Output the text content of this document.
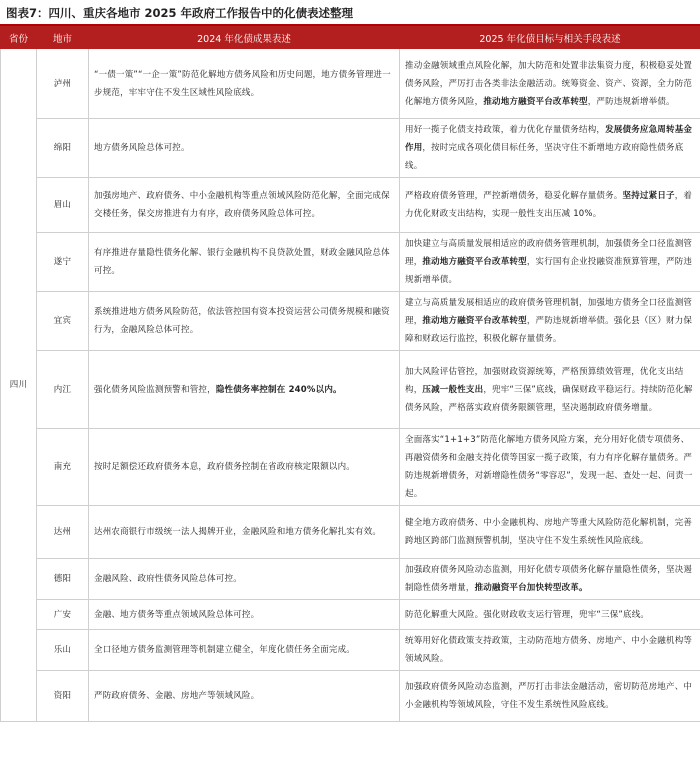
图表7：四川、重庆各地市 2025 年政府工作报告中的化债表述整理
省份	地市	2024 年化债成果表述	2025 年化债目标与相关手段表述
四川	泸州	“一债一策”“一企一策”防范化解地方债务风险和历史问题，地方债务管理进一步规范，牢牢守住不发生区域性风险底线。	推动金融领域重点风险化解，加大防范和处置非法集资力度，积极稳妥处置债务风险，严厉打击各类非法金融活动。统筹资金、资产、资源，全力防范化解地方债务风险，推动地方融资平台改革转型，严防违规新增举债。
	绵阳	地方债务风险总体可控。	用好一揽子化债支持政策，着力优化存量债务结构，发展债务应急周转基金作用，按时完成各项化债目标任务，坚决守住不新增地方政府隐性债务底线。
	眉山	加强房地产、政府债务、中小金融机构等重点领域风险防范化解，全面完成保交楼任务，保交房推进有力有序，政府债务风险总体可控。	严格政府债务管理，严控新增债务，稳妥化解存量债务。坚持过紧日子，着力优化财政支出结构，实现一般性支出压减 10%。
	遂宁	有序推进存量隐性债务化解、银行金融机构不良贷款处置，财政金融风险总体可控。	加快建立与高质量发展相适应的政府债务管理机制，加强债务全口径监测管理，推动地方融资平台改革转型，实行国有企业投融资准预算管理，严防违规新增举债。
	宜宾	系统推进地方债务风险防范，依法管控国有资本投资运营公司债务规模和融资行为，金融风险总体可控。	建立与高质量发展相适应的政府债务管理机制，加强地方债务全口径监测管理，推动地方融资平台改革转型，严防违规新增举债。强化县（区）财力保障和财政运行监控，积极化解存量债务。
	内江	强化债务风险监测预警和管控，隐性债务率控制在 240%以内。	加大风险评估管控，加强财政资源统筹，严格预算绩效管理，优化支出结构，压减一般性支出，兜牢“三保”底线，确保财政平稳运行。持续防范化解债务风险，严格落实政府债务限额管理，坚决遏制政府债务增量。
	南充	按时足额偿还政府债务本息，政府债务控制在省政府核定限额以内。	全面落实“1+1+3”防范化解地方债务风险方案，充分用好化债专项债务、再融资债务和金融支持化债等国家一揽子政策，有力有序化解存量债务。严防违规新增债务，对新增隐性债务“零容忍”，发现一起、查处一起、问责一起。
	达州	达州农商银行市级统一法人揭牌开业，金融风险和地方债务化解扎实有效。	健全地方政府债务、中小金融机构、房地产等重大风险防范化解机制，完善跨地区跨部门监测预警机制，坚决守住不发生系统性风险底线。
	德阳	金融风险、政府性债务风险总体可控。	加强政府债务风险动态监测，用好化债专项债务化解存量隐性债务，坚决遏制隐性债务增量，推动融资平台加快转型改革。
	广安	金融、地方债务等重点领域风险总体可控。	防范化解重大风险。强化财政收支运行管理，兜牢“三保”底线。
	乐山	全口径地方债务监测管理等机制建立健全，年度化债任务全面完成。	统筹用好化债政策支持政策，主动防范地方债务、房地产、中小金融机构等领域风险。
	资阳	严防政府债务、金融、房地产等领域风险。	加强政府债务风险动态监测，严厉打击非法金融活动，密切防范房地产、中小金融机构等领域风险，守住不发生系统性风险底线。
